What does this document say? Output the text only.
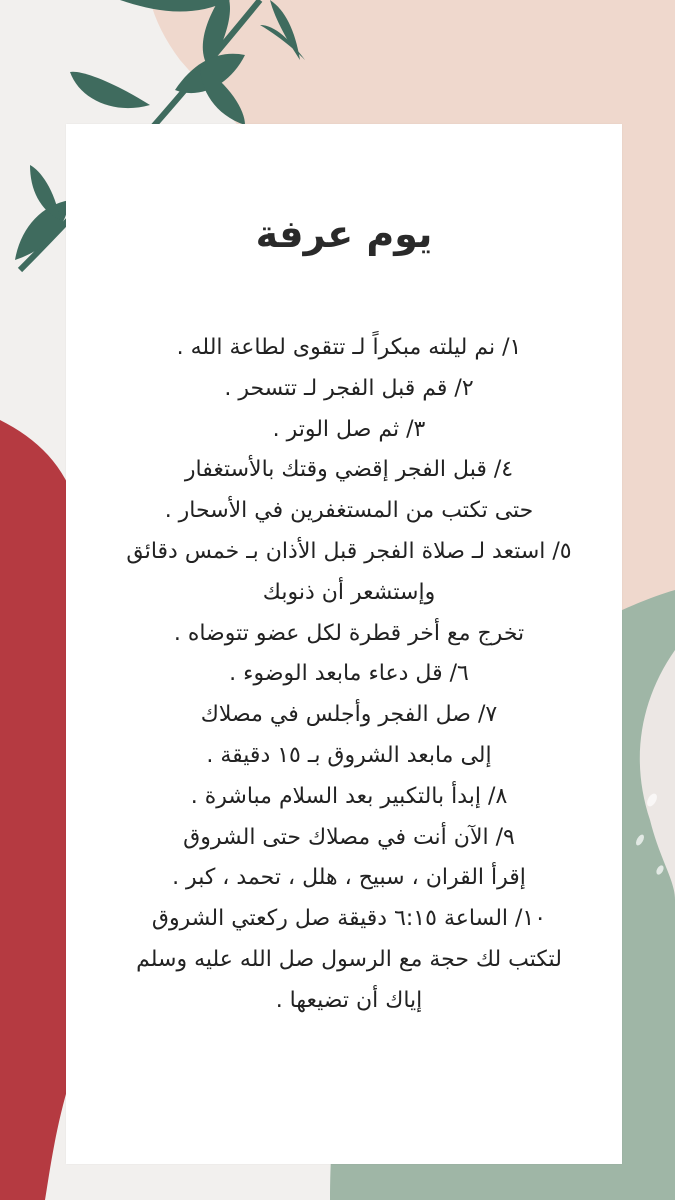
يوم عرفة
١/ نم ليلته مبكراً لـ تتقوى لطاعة الله .
٢/ قم قبل الفجر لـ تتسحر .
٣/ ثم صل الوتر .
٤/ قبل الفجر إقضي وقتك بالأستغفار
حتى تكتب من المستغفرين في الأسحار .
٥/ استعد لـ صلاة الفجر قبل الأذان بـ خمس دقائق
وإستشعر أن ذنوبك
تخرج مع أخر قطرة لكل عضو تتوضاه .
٦/ قل دعاء مابعد الوضوء .
٧/ صل الفجر وأجلس في مصلاك
إلى مابعد الشروق بـ ١٥ دقيقة .
٨/ إبدأ بالتكبير بعد السلام مباشرة .
٩/ الآن أنت في مصلاك حتى الشروق
إقرأ القران ، سبيح ، هلل ، تحمد ، كبر .
١٠/ الساعة ٦:١٥ دقيقة صل ركعتي الشروق
لتكتب لك حجة مع الرسول صل الله عليه وسلم
إياك أن تضيعها .
